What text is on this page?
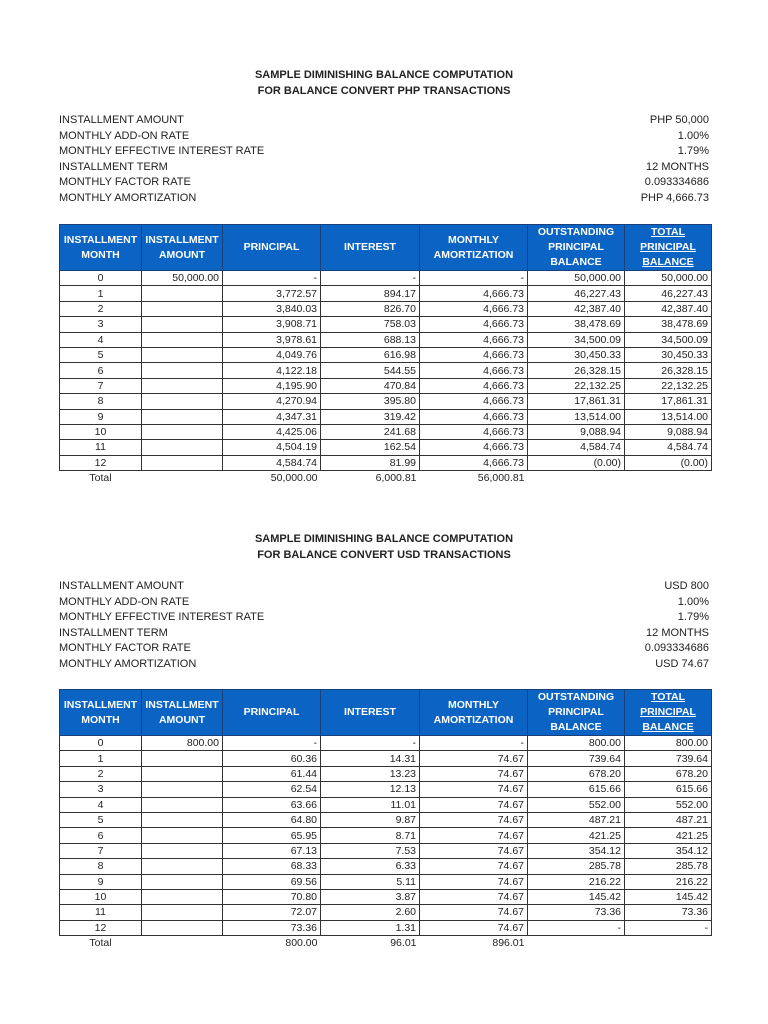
SAMPLE DIMINISHING BALANCE COMPUTATION
FOR BALANCE CONVERT PHP TRANSACTIONS
INSTALLMENT AMOUNT	PHP 50,000
MONTHLY ADD-ON RATE	1.00%
MONTHLY EFFECTIVE INTEREST RATE	1.79%
INSTALLMENT TERM	12 MONTHS
MONTHLY FACTOR RATE	0.093334686
MONTHLY AMORTIZATION	PHP 4,666.73
INSTALLMENT MONTH	INSTALLMENT AMOUNT	PRINCIPAL	INTEREST	MONTHLY AMORTIZATION	OUTSTANDING PRINCIPAL BALANCE	TOTAL PRINCIPAL BALANCE
0	50,000.00	-	-	-	50,000.00	50,000.00
1		3,772.57	894.17	4,666.73	46,227.43	46,227.43
2		3,840.03	826.70	4,666.73	42,387.40	42,387.40
3		3,908.71	758.03	4,666.73	38,478.69	38,478.69
4		3,978.61	688.13	4,666.73	34,500.09	34,500.09
5		4,049.76	616.98	4,666.73	30,450.33	30,450.33
6		4,122.18	544.55	4,666.73	26,328.15	26,328.15
7		4,195.90	470.84	4,666.73	22,132.25	22,132.25
8		4,270.94	395.80	4,666.73	17,861.31	17,861.31
9		4,347.31	319.42	4,666.73	13,514.00	13,514.00
10		4,425.06	241.68	4,666.73	9,088.94	9,088.94
11		4,504.19	162.54	4,666.73	4,584.74	4,584.74
12		4,584.74	81.99	4,666.73	(0.00)	(0.00)
Total		50,000.00	6,000.81	56,000.81		
SAMPLE DIMINISHING BALANCE COMPUTATION
FOR BALANCE CONVERT USD TRANSACTIONS
INSTALLMENT AMOUNT	USD 800
MONTHLY ADD-ON RATE	1.00%
MONTHLY EFFECTIVE INTEREST RATE	1.79%
INSTALLMENT TERM	12 MONTHS
MONTHLY FACTOR RATE	0.093334686
MONTHLY AMORTIZATION	USD 74.67
INSTALLMENT MONTH	INSTALLMENT AMOUNT	PRINCIPAL	INTEREST	MONTHLY AMORTIZATION	OUTSTANDING PRINCIPAL BALANCE	TOTAL PRINCIPAL BALANCE
0	800.00	-	-	-	800.00	800.00
1		60.36	14.31	74.67	739.64	739.64
2		61.44	13.23	74.67	678.20	678.20
3		62.54	12.13	74.67	615.66	615.66
4		63.66	11.01	74.67	552.00	552.00
5		64.80	9.87	74.67	487.21	487.21
6		65.95	8.71	74.67	421.25	421.25
7		67.13	7.53	74.67	354.12	354.12
8		68.33	6.33	74.67	285.78	285.78
9		69.56	5.11	74.67	216.22	216.22
10		70.80	3.87	74.67	145.42	145.42
11		72.07	2.60	74.67	73.36	73.36
12		73.36	1.31	74.67	-	-
Total		800.00	96.01	896.01		
